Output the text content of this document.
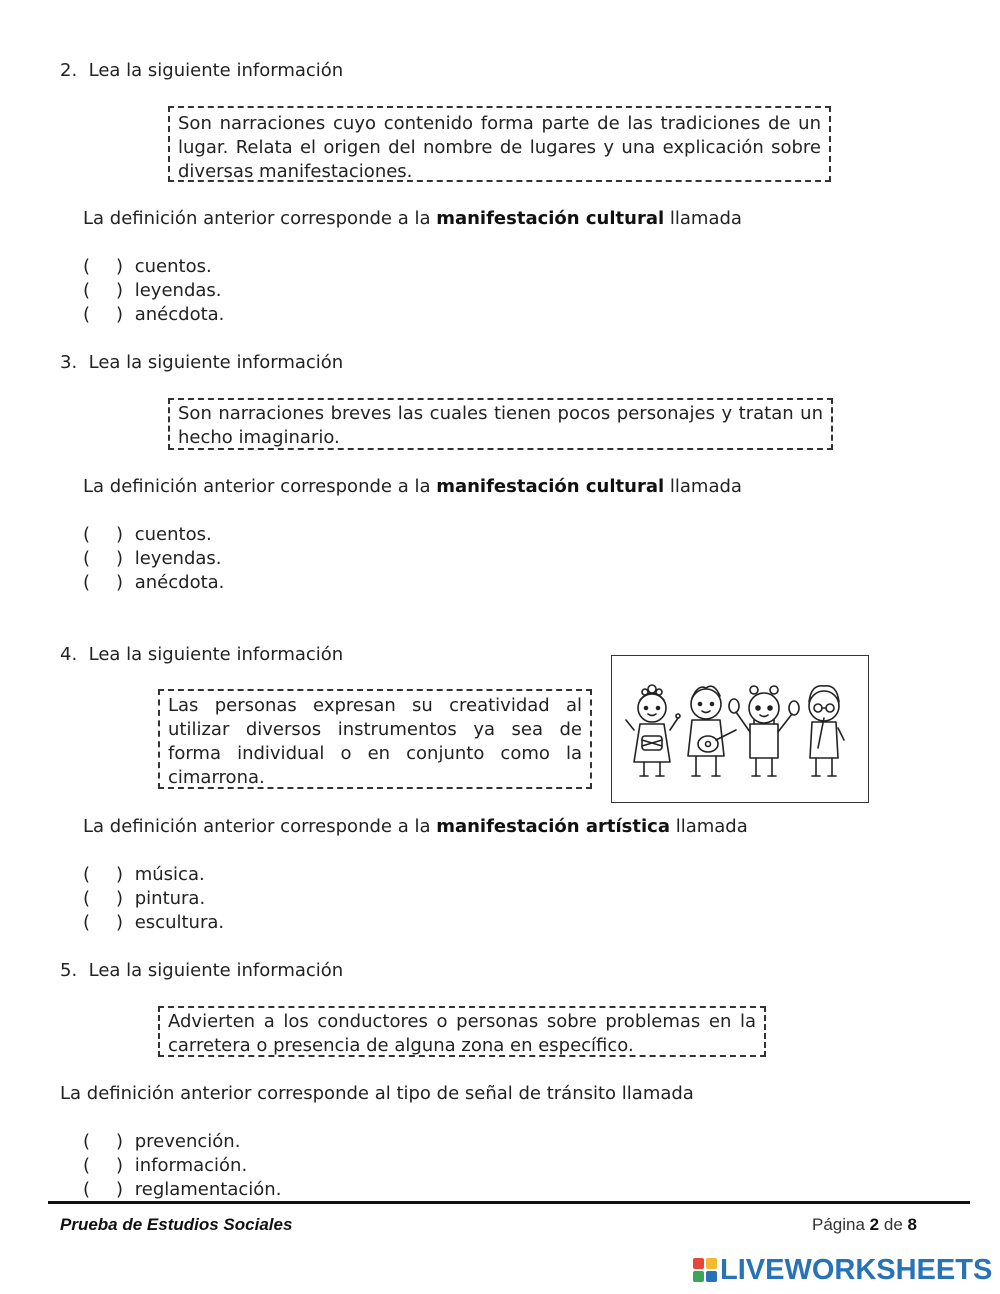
2. Lea la siguiente información
Son narraciones cuyo contenido forma parte de las tradiciones de un lugar. Relata el origen del nombre de lugares y una explicación sobre diversas manifestaciones.
La definición anterior corresponde a la manifestación cultural llamada
( ) cuentos.
( ) leyendas.
( ) anécdota.
3. Lea la siguiente información
Son narraciones breves las cuales tienen pocos personajes y tratan un hecho imaginario.
La definición anterior corresponde a la manifestación cultural llamada
( ) cuentos.
( ) leyendas.
( ) anécdota.
4. Lea la siguiente información
Las personas expresan su creatividad al utilizar diversos instrumentos ya sea de forma individual o en conjunto como la cimarrona.
La definición anterior corresponde a la manifestación artística llamada
( ) música.
( ) pintura.
( ) escultura.
5. Lea la siguiente información
Advierten a los conductores o personas sobre problemas en la carretera o presencia de alguna zona en específico.
La definición anterior corresponde al tipo de señal de tránsito llamada
( ) prevención.
( ) información.
( ) reglamentación.
Prueba de Estudios Sociales	Página 2 de 8
LIVEWORKSHEETS
